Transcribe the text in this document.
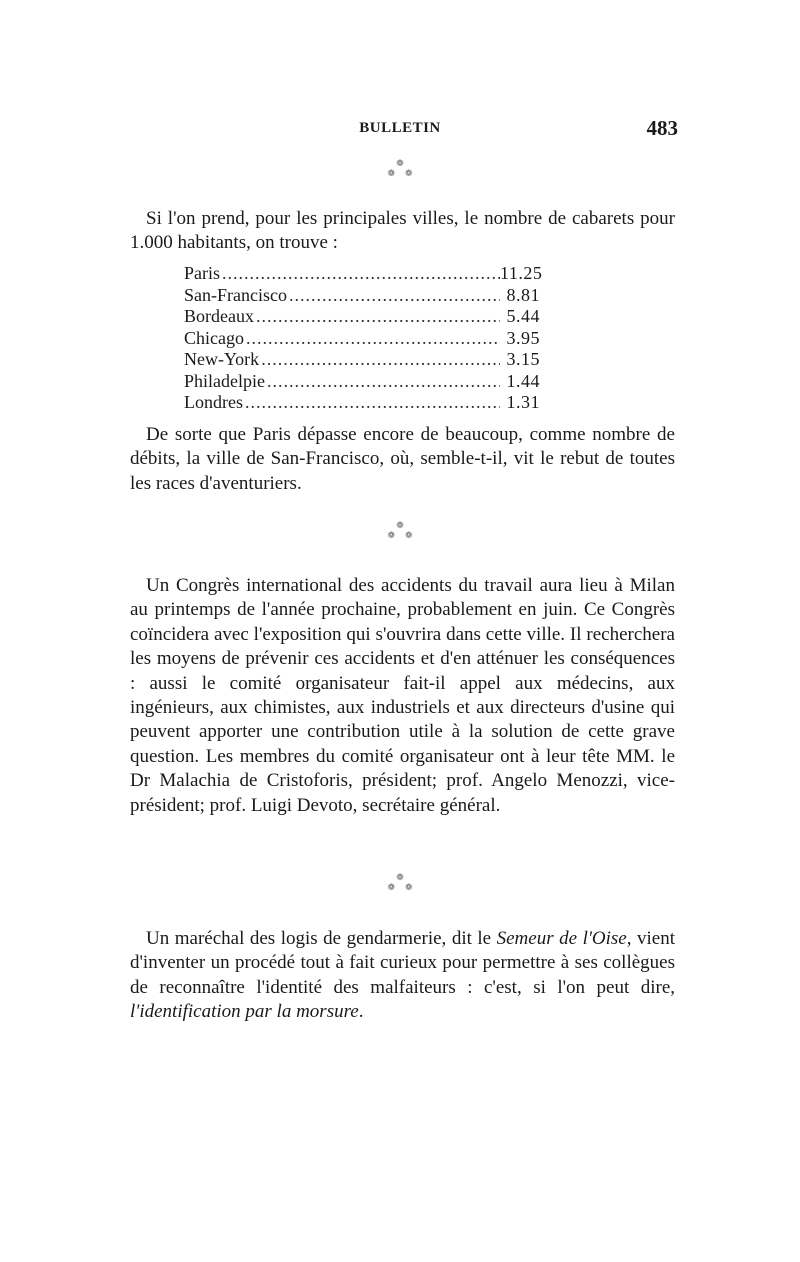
BULLETIN	483
❁
❁❁

Si l'on prend, pour les principales villes, le nombre de cabarets pour 1.000 habitants, on trouve :

Paris .....	11.25
San-Francisco .....	8.81
Bordeaux .....	5.44
Chicago .....	3.95
New-York .....	3.15
Philadelpie .....	1.44
Londres .....	1.31

De sorte que Paris dépasse encore de beaucoup, comme nombre de débits, la ville de San-Francisco, où, semble-t-il, vit le rebut de toutes les races d'aventuriers.

❁
❁❁

Un Congrès international des accidents du travail aura lieu à Milan au printemps de l'année prochaine, probablement en juin. Ce Congrès coïncidera avec l'exposition qui s'ouvrira dans cette ville. Il recherchera les moyens de prévenir ces accidents et d'en atténuer les conséquences : aussi le comité organisateur fait-il appel aux médecins, aux ingénieurs, aux chimistes, aux industriels et aux directeurs d'usine qui peuvent apporter une contribution utile à la solution de cette grave question. Les membres du comité organisateur ont à leur tête MM. le Dr Malachia de Cristoforis, président; prof. Angelo Menozzi, vice-président; prof. Luigi Devoto, secrétaire général.

❁
❁❁

Un maréchal des logis de gendarmerie, dit le Semeur de l'Oise, vient d'inventer un procédé tout à fait curieux pour permettre à ses collègues de reconnaître l'identité des malfaiteurs : c'est, si l'on peut dire, l'identification par la morsure.
